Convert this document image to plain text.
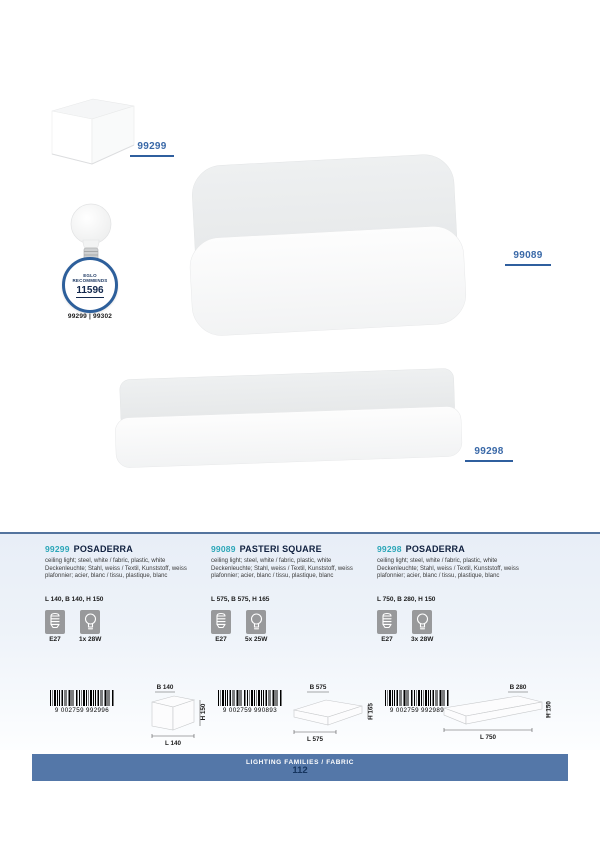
99299
99089
99298
EGLO
RECOMMENDS
11596
99299 | 99302
99299 POSADERRA
ceiling light; steel, white / fabric, plastic, white
Deckenleuchte; Stahl, weiss / Textil, Kunststoff, weiss
plafonnier; acier, blanc / tissu, plastique, blanc
L 140, B 140, H 150
E27	1x 28W
99089 PASTERI SQUARE
ceiling light; steel, white / fabric, plastic, white
Deckenleuchte; Stahl, weiss / Textil, Kunststoff, weiss
plafonnier; acier, blanc / tissu, plastique, blanc
L 575, B 575, H 165
E27	5x 25W
99298 POSADERRA
ceiling light; steel, white / fabric, plastic, white
Deckenleuchte; Stahl, weiss / Textil, Kunststoff, weiss
plafonnier; acier, blanc / tissu, plastique, blanc
L 750, B 280, H 150
E27	3x 28W
9 002759 992996	9 002759 990893	9 002759 992989
B 140
L 140
H 150
B 575
L 575
H 165
B 280
L 750
H 150
LIGHTING FAMILIES / FABRIC
112
